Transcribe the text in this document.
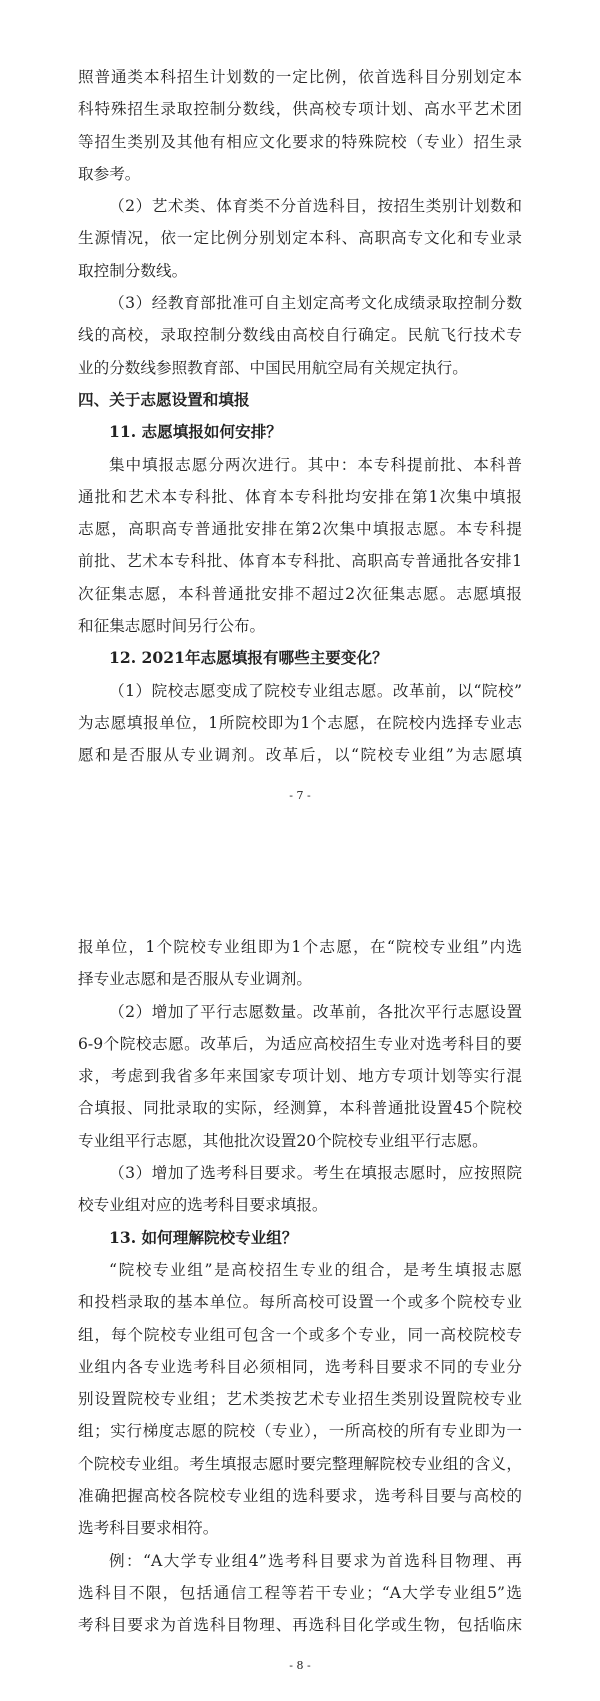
照普通类本科招生计划数的一定比例，依首选科目分别划定本
科特殊招生录取控制分数线，供高校专项计划、高水平艺术团
等招生类别及其他有相应文化要求的特殊院校（专业）招生录
取参考。
（2）艺术类、体育类不分首选科目，按招生类别计划数和
生源情况，依一定比例分别划定本科、高职高专文化和专业录
取控制分数线。
（3）经教育部批准可自主划定高考文化成绩录取控制分数
线的高校，录取控制分数线由高校自行确定。民航飞行技术专
业的分数线参照教育部、中国民用航空局有关规定执行。
四、关于志愿设置和填报
11. 志愿填报如何安排？
集中填报志愿分两次进行。其中：本专科提前批、本科普
通批和艺术本专科批、体育本专科批均安排在第1次集中填报
志愿，高职高专普通批安排在第2次集中填报志愿。本专科提
前批、艺术本专科批、体育本专科批、高职高专普通批各安排1
次征集志愿，本科普通批安排不超过2次征集志愿。志愿填报
和征集志愿时间另行公布。
12. 2021年志愿填报有哪些主要变化？
（1）院校志愿变成了院校专业组志愿。改革前，以“院校”
为志愿填报单位，1所院校即为1个志愿，在院校内选择专业志
愿和是否服从专业调剂。改革后，以“院校专业组”为志愿填
- 7 -
报单位，1个院校专业组即为1个志愿，在“院校专业组”内选
择专业志愿和是否服从专业调剂。
（2）增加了平行志愿数量。改革前，各批次平行志愿设置
6-9个院校志愿。改革后，为适应高校招生专业对选考科目的要
求，考虑到我省多年来国家专项计划、地方专项计划等实行混
合填报、同批录取的实际，经测算，本科普通批设置45个院校
专业组平行志愿，其他批次设置20个院校专业组平行志愿。
（3）增加了选考科目要求。考生在填报志愿时，应按照院
校专业组对应的选考科目要求填报。
13. 如何理解院校专业组？
“院校专业组”是高校招生专业的组合，是考生填报志愿
和投档录取的基本单位。每所高校可设置一个或多个院校专业
组，每个院校专业组可包含一个或多个专业，同一高校院校专
业组内各专业选考科目必须相同，选考科目要求不同的专业分
别设置院校专业组；艺术类按艺术专业招生类别设置院校专业
组；实行梯度志愿的院校（专业），一所高校的所有专业即为一
个院校专业组。考生填报志愿时要完整理解院校专业组的含义，
准确把握高校各院校专业组的选科要求，选考科目要与高校的
选考科目要求相符。
例：“A大学专业组4”选考科目要求为首选科目物理、再
选科目不限，包括通信工程等若干专业；“A大学专业组5”选
考科目要求为首选科目物理、再选科目化学或生物，包括临床
- 8 -
